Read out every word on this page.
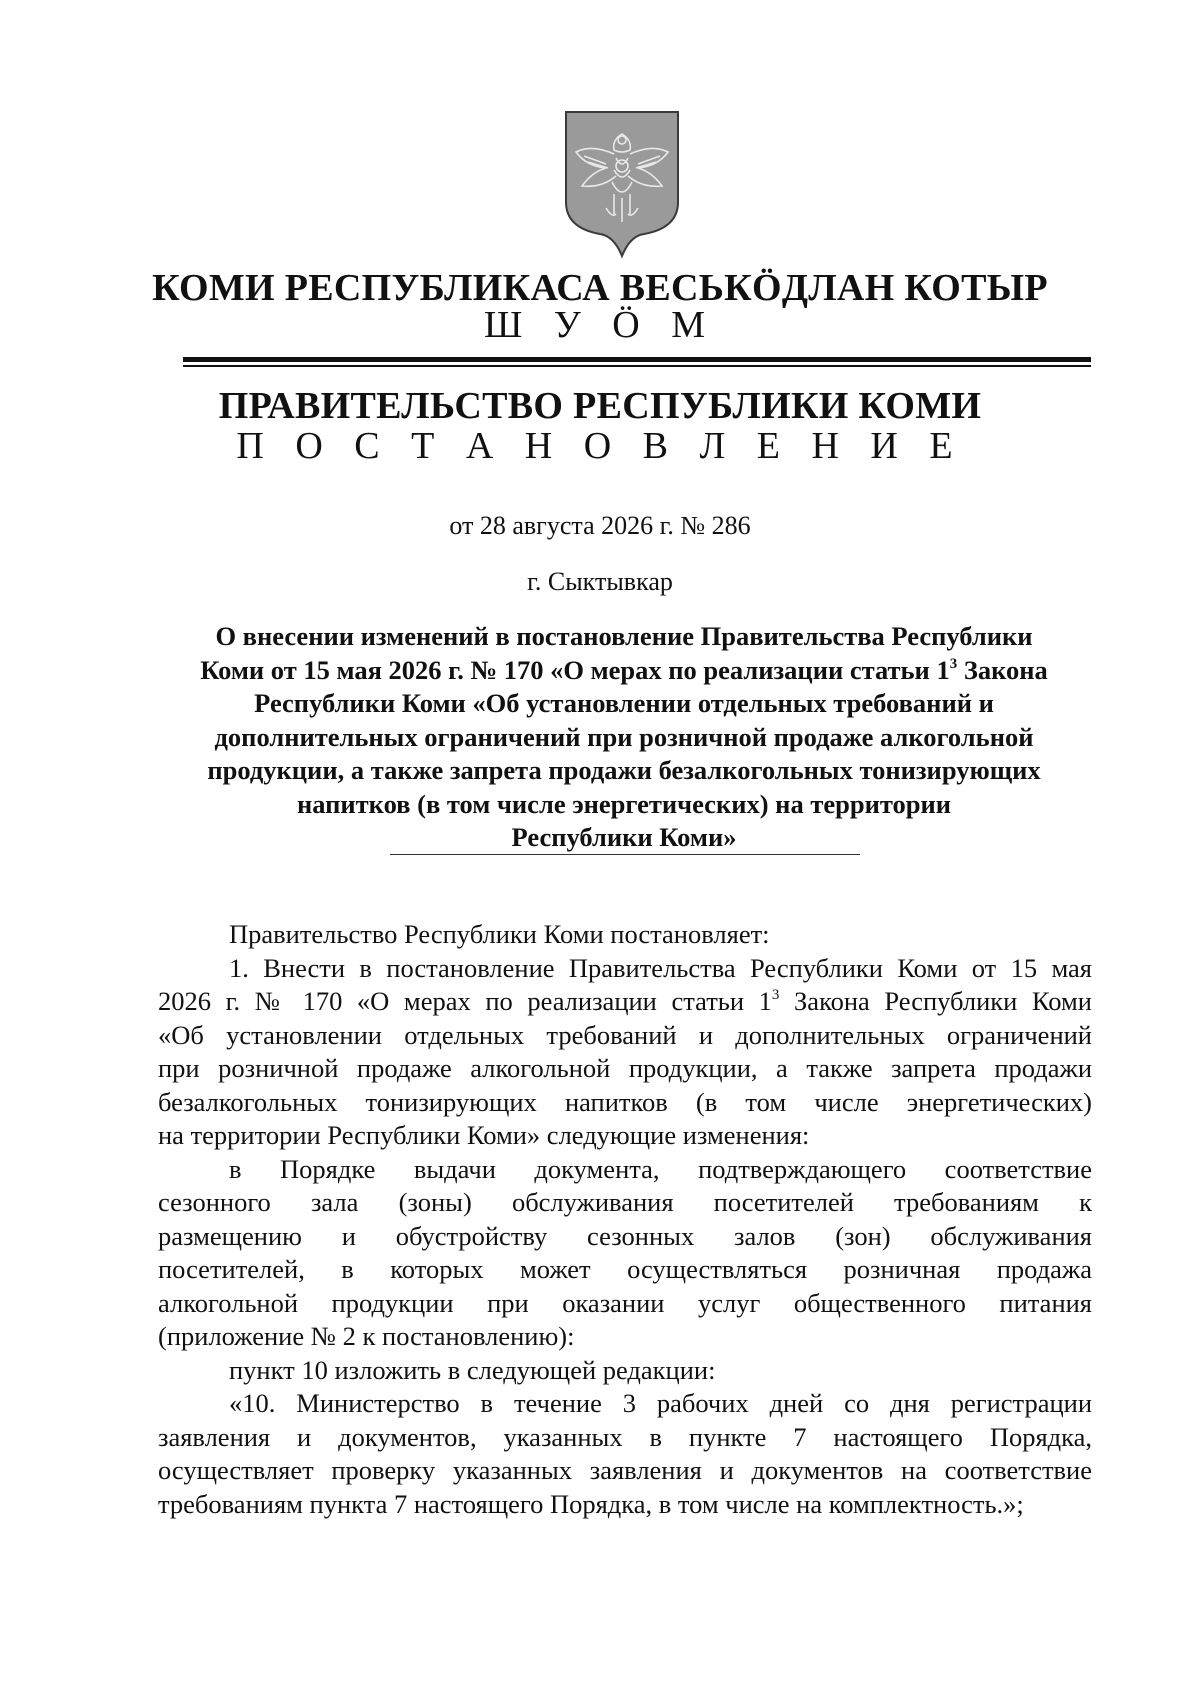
КОМИ РЕСПУБЛИКАСА ВЕСЬКӦДЛАН КОТЫР
Ш У Ӧ М
ПРАВИТЕЛЬСТВО РЕСПУБЛИКИ КОМИ
П О С Т А Н О В Л Е Н И Е
от 28 августа 2026 г. № 286
г. Сыктывкар
О внесении изменений в постановление Правительства Республики
Коми от 15 мая 2026 г. № 170 «О мерах по реализации статьи $1^3$ Закона
Республики Коми «Об установлении отдельных требований и
дополнительных ограничений при розничной продаже алкогольной
продукции, а также запрета продажи безалкогольных тонизирующих
напитков (в том числе энергетических) на территории
Республики Коми»

Правительство Республики Коми постановляет:

1. Внести в постановление Правительства Республики Коми от 15 мая
2026 г. № 170 «О мерах по реализации статьи $1^3$ Закона Республики Коми
«Об установлении отдельных требований и дополнительных ограничений
при розничной продаже алкогольной продукции, а также запрета продажи
безалкогольных тонизирующих напитков (в том числе энергетических)
на территории Республики Коми» следующие изменения:
в Порядке выдачи документа, подтверждающего соответствие
сезонного зала (зоны) обслуживания посетителей требованиям к
размещению и обустройству сезонных залов (зон) обслуживания
посетителей, в которых может осуществляться розничная продажа
алкогольной продукции при оказании услуг общественного питания
(приложение № 2 к постановлению):

пункт 10 изложить в следующей редакции:

«10. Министерство в течение 3 рабочих дней со дня регистрации
заявления и документов, указанных в пункте 7 настоящего Порядка,
осуществляет проверку указанных заявления и документов на соответствие
требованиям пункта 7 настоящего Порядка, в том числе на комплектность.»;
